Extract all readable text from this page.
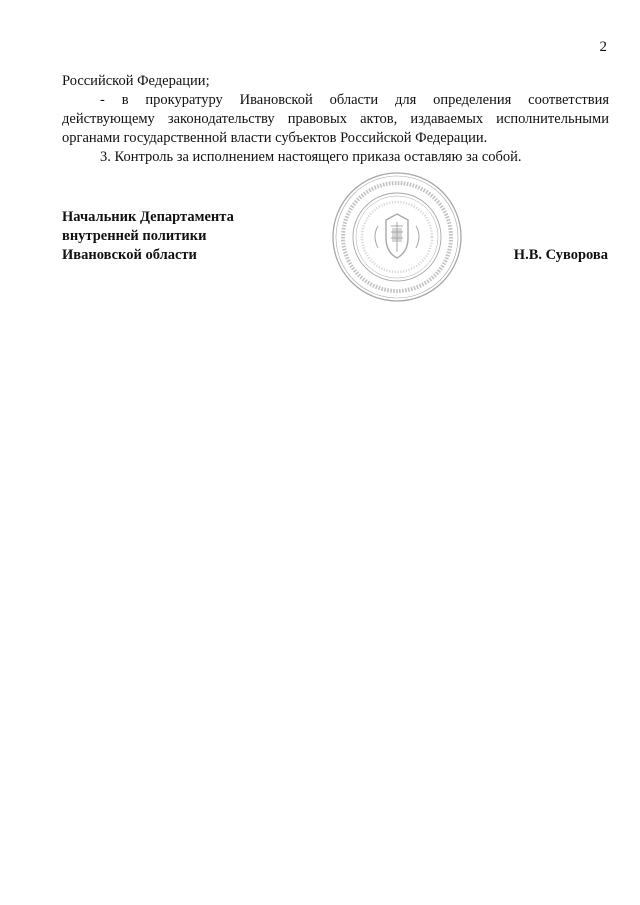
2

Российской Федерации;

- в прокуратуру Ивановской области для определения соответствия действующему законодательству правовых актов, издаваемых исполнительными органами государственной власти субъектов Российской Федерации.

3. Контроль за исполнением настоящего приказа оставляю за собой.

Начальник Департамента
внутренней политики
Ивановской области	Н.В. Суворова
